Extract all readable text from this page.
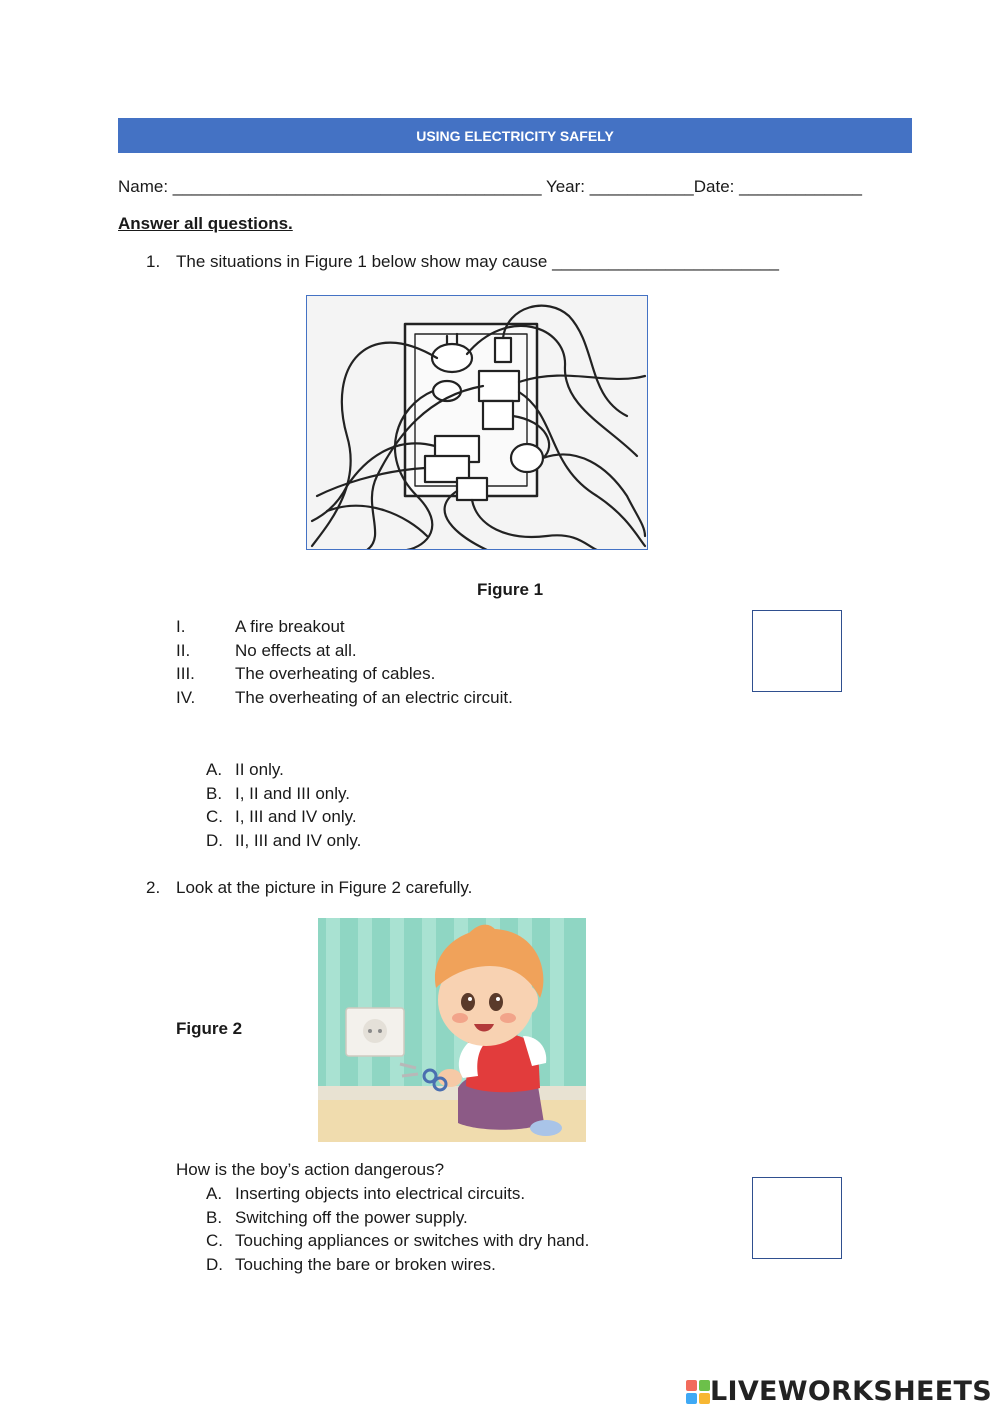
USING ELECTRICITY SAFELY
Name: _______________________________________ Year: ___________Date: _____________
Answer all questions.
1. The situations in Figure 1 below show may cause ________________________
Figure 1
I.	A fire breakout
II.	No effects at all.
III. The overheating of cables.
IV. The overheating of an electric circuit.
A. II only.
B. I, II and III only.
C. I, III and IV only.
D. II, III and IV only.
2. Look at the picture in Figure 2 carefully.
Figure 2
How is the boy’s action dangerous?
A. Inserting objects into electrical circuits.
B. Switching off the power supply.
C. Touching appliances or switches with dry hand.
D. Touching the bare or broken wires.
LIVEWORKSHEETS
